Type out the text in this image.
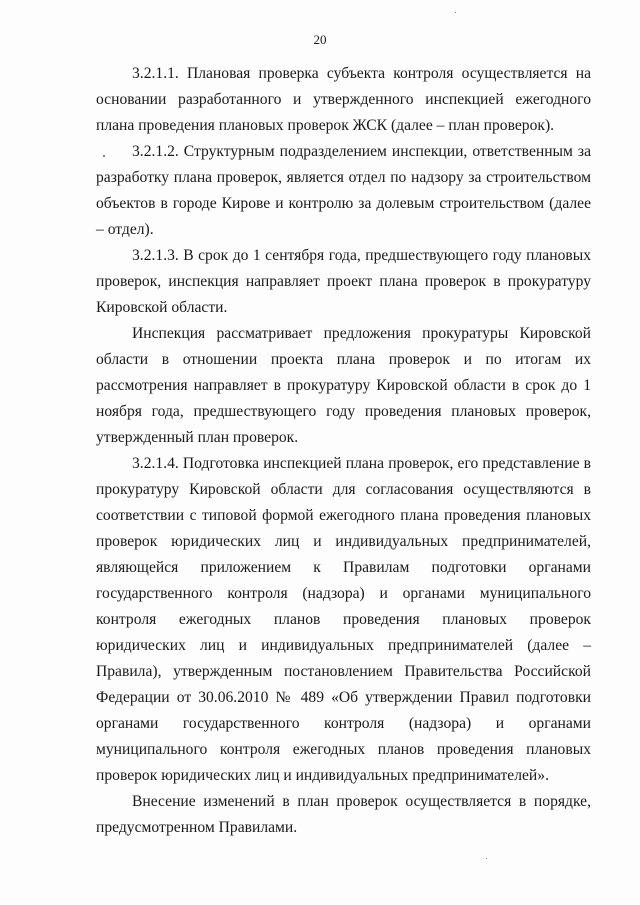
20

3.2.1.1. Плановая проверка субъекта контроля осуществляется на основании разработанного и утвержденного инспекцией ежегодного плана проведения плановых проверок ЖСК (далее – план проверок).

3.2.1.2. Структурным подразделением инспекции, ответственным за разработку плана проверок, является отдел по надзору за строительством объектов в городе Кирове и контролю за долевым строительством (далее – отдел).

3.2.1.3. В срок до 1 сентября года, предшествующего году плановых проверок, инспекция направляет проект плана проверок в прокуратуру Кировской области.

Инспекция рассматривает предложения прокуратуры Кировской области в отношении проекта плана проверок и по итогам их рассмотрения направляет в прокуратуру Кировской области в срок до 1 ноября года, предшествующего году проведения плановых проверок, утвержденный план проверок.

3.2.1.4. Подготовка инспекцией плана проверок, его представление в прокуратуру Кировской области для согласования осуществляются в соответствии с типовой формой ежегодного плана проведения плановых проверок юридических лиц и индивидуальных предпринимателей, являющейся приложением к Правилам подготовки органами государственного контроля (надзора) и органами муниципального контроля ежегодных планов проведения плановых проверок юридических лиц и индивидуальных предпринимателей (далее – Правила), утвержденным постановлением Правительства Российской Федерации от 30.06.2010 № 489 «Об утверждении Правил подготовки органами государственного контроля (надзора) и органами муниципального контроля ежегодных планов проведения плановых проверок юридических лиц и индивидуальных предпринимателей».

Внесение изменений в план проверок осуществляется в порядке, предусмотренном Правилами.
